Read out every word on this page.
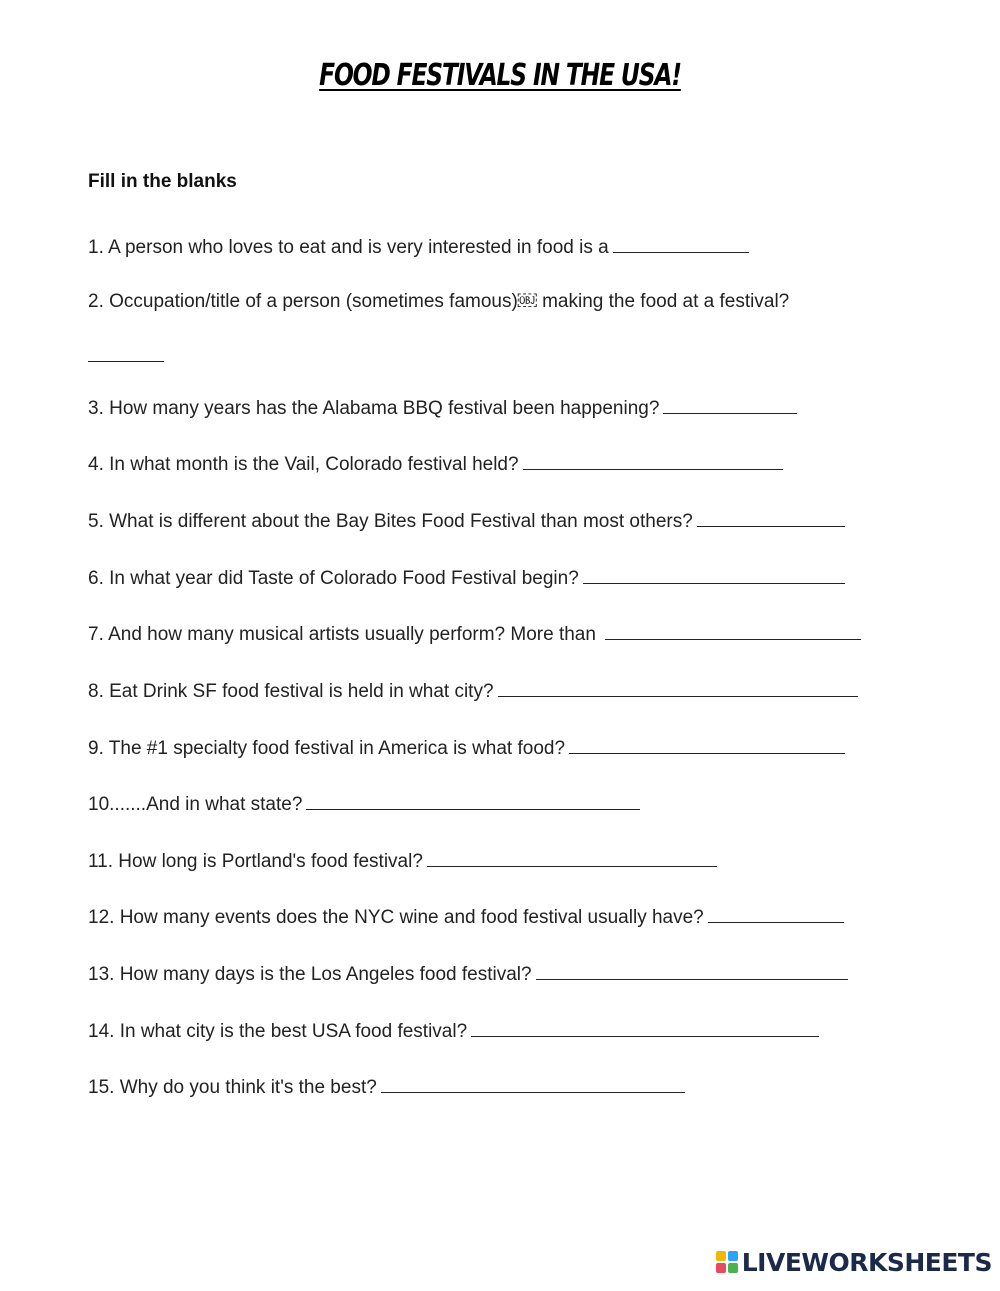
FOOD FESTIVALS IN THE USA!
Fill in the blanks
1. A person who loves to eat and is very interested in food is a
2. Occupation/title of a person (sometimes famous)￼ making the food at a festival?
3. How many years has the Alabama BBQ festival been happening?
4. In what month is the Vail, Colorado festival held?
5. What is different about the Bay Bites Food Festival than most others?
6. In what year did Taste of Colorado Food Festival begin?
7. And how many musical artists usually perform? More than
8. Eat Drink SF food festival is held in what city?
9. The #1 specialty food festival in America is what food?
10.......And in what state?
11. How long is Portland's food festival?
12. How many events does the NYC wine and food festival usually have?
13. How many days is the Los Angeles food festival?
14. In what city is the best USA food festival?
15. Why do you think it's the best?
LIVEWORKSHEETS
